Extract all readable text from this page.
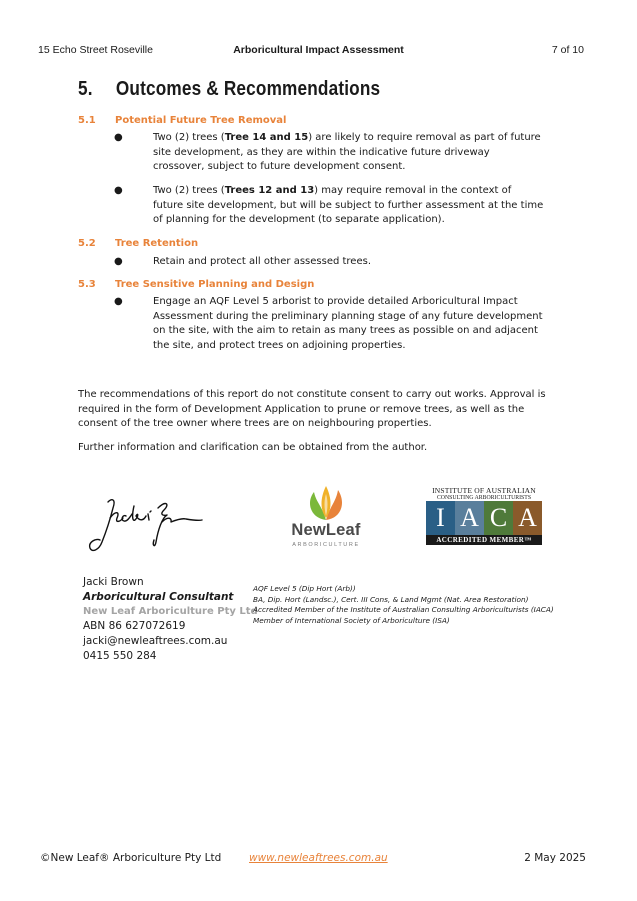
15 Echo Street Roseville	Arboricultural Impact Assessment	7 of 10
5. Outcomes & Recommendations
5.1 Potential Future Tree Removal
●	Two (2) trees (Tree 14 and 15) are likely to require removal as part of future site development, as they are within the indicative future driveway crossover, subject to future development consent.
●	Two (2) trees (Trees 12 and 13) may require removal in the context of future site development, but will be subject to further assessment at the time of planning for the development (to separate application).
5.2 Tree Retention
●	Retain and protect all other assessed trees.
5.3 Tree Sensitive Planning and Design
●	Engage an AQF Level 5 arborist to provide detailed Arboricultural Impact Assessment during the preliminary planning stage of any future development on the site, with the aim to retain as many trees as possible on and adjacent the site, and protect trees on adjoining properties.
The recommendations of this report do not constitute consent to carry out works. Approval is required in the form of Development Application to prune or remove trees, as well as the consent of the tree owner where trees are on neighbouring properties.
Further information and clarification can be obtained from the author.
NewLeaf
ARBORICULTURE
INSTITUTE OF AUSTRALIAN
CONSULTING ARBORICULTURISTS
I A C A
ACCREDITED MEMBER™
Jacki Brown
Arboricultural Consultant
New Leaf Arboriculture Pty Ltd
ABN 86 627072619
jacki@newleaftrees.com.au
0415 550 284
AQF Level 5 (Dip Hort (Arb))
BA, Dip. Hort (Landsc.), Cert. III Cons, & Land Mgmt (Nat. Area Restoration)
Accredited Member of the Institute of Australian Consulting Arboriculturists (IACA)
Member of International Society of Arboriculture (ISA)
©New Leaf® Arboriculture Pty Ltd	www.newleaftrees.com.au	2 May 2025
